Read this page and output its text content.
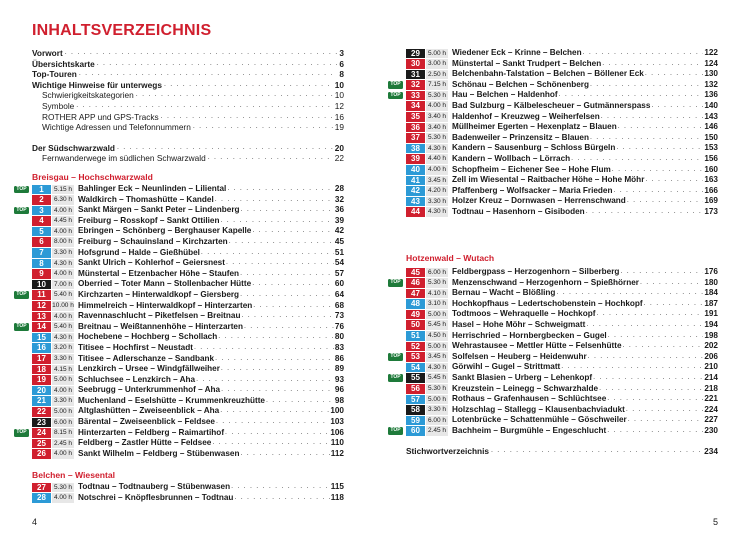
INHALTSVERZEICHNIS
Vorwort . . .	3
Übersichtskarte . . .	6
Top-Touren . . .	8
Wichtige Hinweise für unterwegs . . .	10
Schwierigkeitskategorien . . .	10
Symbole . . .	12
ROTHER APP und GPS-Tracks . . .	16
Wichtige Adressen und Telefonnummern . . .	19
Der Südschwarzwald . . .	20
Fernwanderwege im südlichen Schwarzwald . . .	22
Breisgau – Hochschwarzwald
TOP	1	5.15 h Bahlinger Eck – Neunlinden – Liliental . . .	28
2	6.30 h Waldkirch – Thomashütte – Kandel . . .	32
TOP	3	4.00 h Sankt Märgen – Sankt Peter – Lindenberg . . .	36
4	4.45 h Freiburg – Rosskopf – Sankt Ottilien . . .	39
5	4.00 h Ebringen – Schönberg – Berghauser Kapelle . . .	42
6	8.00 h Freiburg – Schauinsland – Kirchzarten . . .	45
7	3.30 h Hofsgrund – Halde – Gießhübel . . .	51
8	4.30 h Sankt Ulrich – Kohlerhof – Geiersnest . . .	54
9	4.00 h Münstertal – Etzenbacher Höhe – Staufen . . .	57
10	7.00 h Oberried – Toter Mann – Stollenbacher Hütte . . .	60
TOP	11	5.40 h Kirchzarten – Hinterwaldkopf – Giersberg . . .	64
12 10.00 h Himmelreich – Hinterwaldkopf – Hinterzarten . . .	68
13	4.00 h Ravennaschlucht – Piketfelsen – Breitnau . . .	73
TOP	14	5.40 h Breitnau – Weißtannenhöhe – Hinterzarten . . .	76
15	4.30 h Hochebene – Hochberg – Schollach . . .	80
16	3.20 h Titisee – Hochfirst – Neustadt . . .	83
17	3.30 h Titisee – Adlerschanze – Sandbank . . .	86
18	4.15 h Lenzkirch – Ursee – Windgfällweiher . . .	89
19	5.00 h Schluchsee – Lenzkirch – Aha . . .	93
20	4.00 h Seebrugg – Unterkrummenhof – Aha . . .	96
21	3.30 h Muchenland – Eselshütte – Krummenkreuzhütte . . .	98
22	5.00 h Altglashütten – Zweiseenblick – Aha . . .	100
23	6.00 h Bärental – Zweiseenblick – Feldsee . . .	103
TOP	24	8.15 h Hinterzarten – Feldberg – Raimartihof . . .	106
25	2.45 h Feldberg – Zastler Hütte – Feldsee . . .	110
26	4.00 h Sankt Wilhelm – Feldberg – Stübenwasen . . .	112
Belchen – Wiesental
27	5.30 h Todtnau – Todtnauberg – Stübenwasen . . .	115
28	4.00 h Notschrei – Knöpflesbrunnen – Todtnau . . .	118
4
29	5.00 h Wiedener Eck – Krinne – Belchen . . .	122
30	3.00 h Münstertal – Sankt Trudpert – Belchen . . .	124
31	2.50 h Belchenbahn-Talstation – Belchen – Böllener Eck . . .	130
TOP	32	7.15 h Schönau – Belchen – Schönenberg . . .	132
TOP	33	5.30 h Hau – Belchen – Haldenhof . . .	136
34	4.00 h Bad Sulzburg – Kälbelescheuer – Gutmännerspass . . .	140
35	3.40 h Haldenhof – Kreuzweg – Weiherfelsen . . .	143
36	3.40 h Müllheimer Egerten – Hexenplatz – Blauen . . .	146
37	5.30 h Badenweiler – Prinzensitz – Blauen . . .	150
38	4.30 h Kandern – Sausenburg – Schloss Bürgeln . . .	153
39	4.40 h Kandern – Wollbach – Lörrach . . .	156
40	4.00 h Schopfheim – Eichener See – Hohe Flum . . .	160
41	3.45 h Zell im Wiesental – Raitbacher Höhe – Hohe Möhr . . .	163
42	4.20 h Pfaffenberg – Wolfsacker – Maria Frieden . . .	166
43	3.30 h Holzer Kreuz – Dornwasen – Herrenschwand . . .	169
44	4.30 h Todtnau – Hasenhorn – Gisiboden . . .	173
Hotzenwald – Wutach
45	6.00 h Feldbergpass – Herzogenhorn – Silberberg . . .	176
TOP	46	5.30 h Menzenschwand – Herzogenhorn – Spießhörner . . .	180
47	4.10 h Bernau – Wacht – Blößling . . .	184
48	3.10 h Hochkopfhaus – Ledertschobenstein – Hochkopf . . .	187
49	5.00 h Todtmoos – Wehraquelle – Hochkopf . . .	191
50	5.45 h Hasel – Hohe Möhr – Schweigmatt . . .	194
51	4.50 h Herrischried – Hornbergbecken – Gugel . . .	198
52	5.00 h Wehrastausee – Mettler Hütte – Felsenhütte . . .	202
TOP	53	3.45 h Solfelsen – Heuberg – Heidenwuhr . . .	206
54	4.30 h Görwihl – Gugel – Strittmatt . . .	210
TOP	55	5.45 h Sankt Blasien – Urberg – Lehenkopf . . .	214
56	5.30 h Kreuzstein – Leinegg – Schwarzhalde . . .	218
57	5.00 h Rothaus – Grafenhausen – Schlüchtsee . . .	221
58	3.30 h Holzschlag – Stallegg – Klausenbachviadukt . . .	224
59	6.00 h Lotenbrücke – Schattenmühle – Göschweiler . . .	227
TOP	60	2.45 h Bachheim – Burgmühle – Engeschlucht . . .	230
Stichwortverzeichnis . . .	234
5
